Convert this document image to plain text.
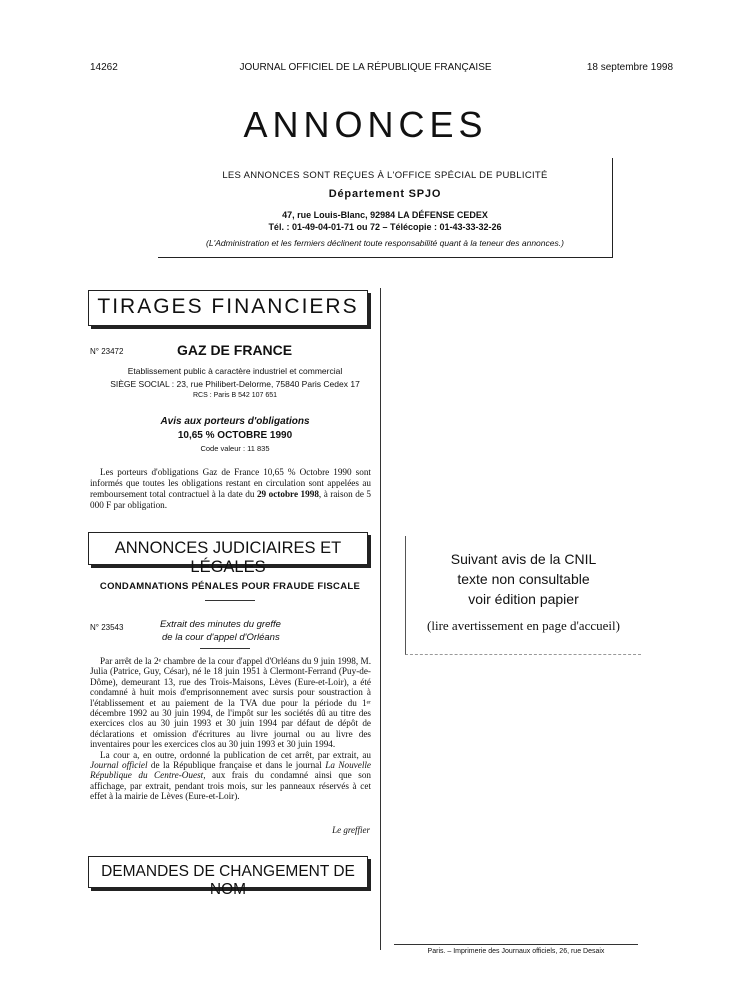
14262	JOURNAL OFFICIEL DE LA RÉPUBLIQUE FRANÇAISE	18 septembre 1998
ANNONCES
LES ANNONCES SONT REÇUES À L'OFFICE SPÉCIAL DE PUBLICITÉ
Département SPJO
47, rue Louis-Blanc, 92984 LA DÉFENSE CEDEX
Tél. : 01-49-04-01-71 ou 72 – Télécopie : 01-43-33-32-26
(L'Administration et les fermiers déclinent toute responsabilité quant à la teneur des annonces.)
TIRAGES FINANCIERS
N° 23472	GAZ DE FRANCE
Etablissement public à caractère industriel et commercial
SIÈGE SOCIAL : 23, rue Philibert-Delorme, 75840 Paris Cedex 17
RCS : Paris B 542 107 651
Avis aux porteurs d'obligations
10,65 % OCTOBRE 1990
Code valeur : 11 835
Les porteurs d'obligations Gaz de France 10,65 % Octobre 1990 sont informés que toutes les obligations restant en circulation sont appelées au remboursement total contractuel à la date du 29 octobre 1998, à raison de 5 000 F par obligation.
ANNONCES JUDICIAIRES ET LÉGALES
CONDAMNATIONS PÉNALES POUR FRAUDE FISCALE
N° 23543	Extrait des minutes du greffe
de la cour d'appel d'Orléans

Par arrêt de la 2ᵉ chambre de la cour d'appel d'Orléans du 9 juin 1998, M. Julia (Patrice, Guy, César), né le 18 juin 1951 à Clermont-Ferrand (Puy-de-Dôme), demeurant 13, rue des Trois-Maisons, Lèves (Eure-et-Loir), a été condamné à huit mois d'emprisonnement avec sursis pour soustraction à l'établissement et au paiement de la TVA due pour la période du 1ᵉʳ décembre 1992 au 30 juin 1994, de l'impôt sur les sociétés dû au titre des exercices clos au 30 juin 1993 et 30 juin 1994 par défaut de dépôt de déclarations et omission d'écritures au livre journal ou au livre des inventaires pour les exercices clos au 30 juin 1993 et 30 juin 1994.

La cour a, en outre, ordonné la publication de cet arrêt, par extrait, au Journal officiel de la République française et dans le journal La Nouvelle République du Centre-Ouest, aux frais du condamné ainsi que son affichage, par extrait, pendant trois mois, sur les panneaux réservés à cet effet à la mairie de Lèves (Eure-et-Loir).

Le greffier
DEMANDES DE CHANGEMENT DE NOM
Suivant avis de la CNIL
texte non consultable
voir édition papier
(lire avertissement en page d'accueil)
Paris. – Imprimerie des Journaux officiels, 26, rue Desaix
